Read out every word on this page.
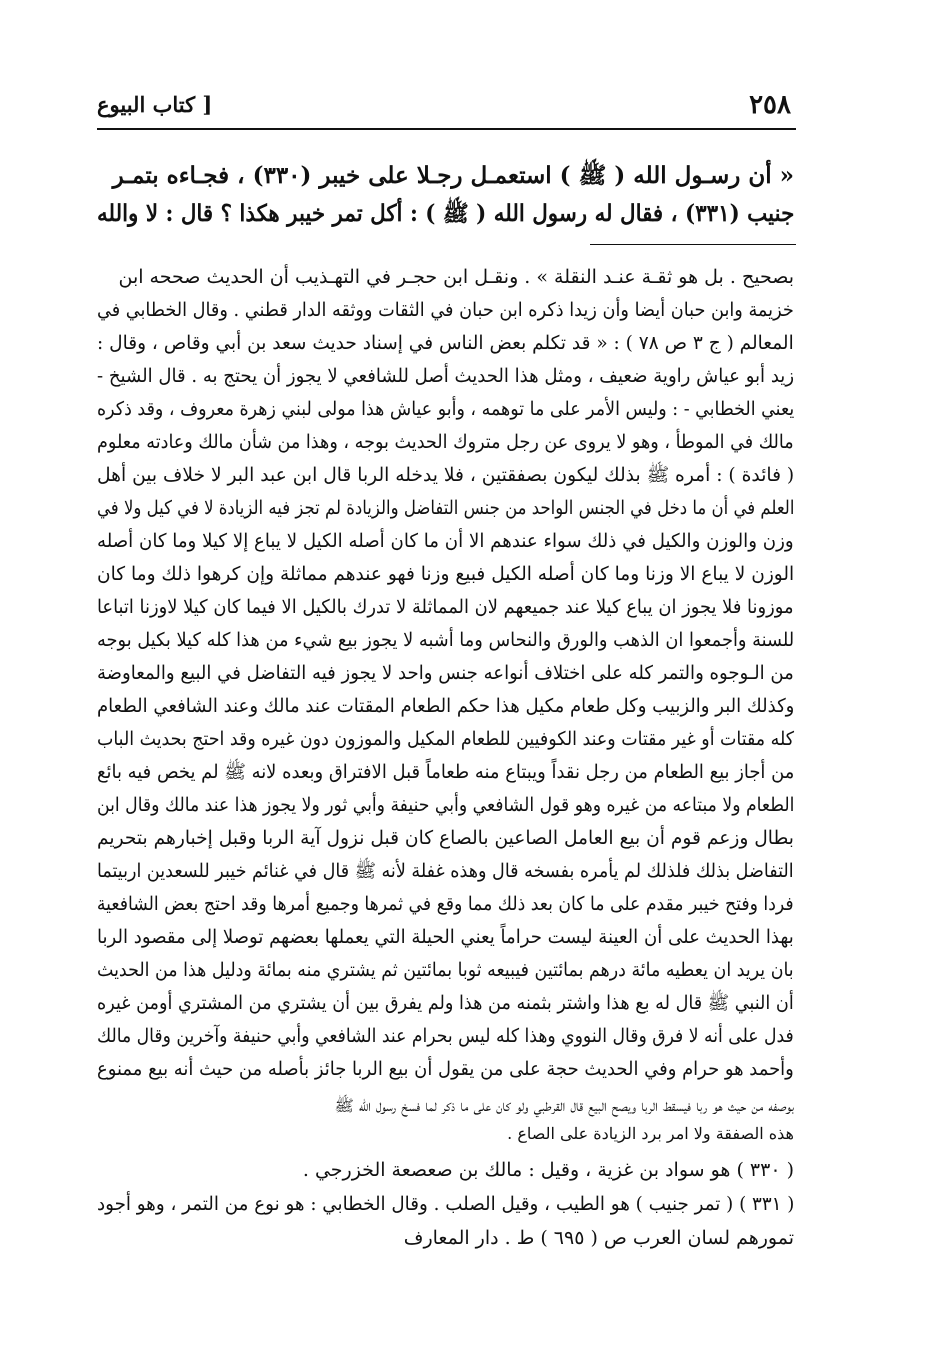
[ كتاب البيوع	٢٥٨
« أن رسـول الله ( ﷺ ) استعمـل رجـلا على خيبر (٣٣٠) ، فجـاءه بتمـر
جنيب (٣٣١) ، فقال له رسول الله ( ﷺ ) : أكل تمر خيبر هكذا ؟ قال : لا والله
بصحيح . بل هو ثقـة عنـد النقلة » . ونقـل ابن حجـر في التهـذيب أن الحديث صححه ابن
خزيمة وابن حبان أيضا وأن زيدا ذكره ابن حبان في الثقات ووثقه الدار قطني . وقال الخطابي في
المعالم ( ج ٣ ص ٧٨ ) : « قد تكلم بعض الناس في إسناد حديث سعد بن أبي وقاص ، وقال :
زيد أبو عياش راوية ضعيف ، ومثل هذا الحديث أصل للشافعي لا يجوز أن يحتج به . قال الشيخ -
يعني الخطابي - : وليس الأمر على ما توهمه ، وأبو عياش هذا مولى لبني زهرة معروف ، وقد ذكره
مالك في الموطأ ، وهو لا يروى عن رجل متروك الحديث بوجه ، وهذا من شأن مالك وعادته معلوم
( فائدة ) : أمره ﷺ بذلك ليكون بصفقتين ، فلا يدخله الربا قال ابن عبد البر لا خلاف بين أهل
العلم في أن ما دخل في الجنس الواحد من جنس التفاضل والزيادة لم تجز فيه الزيادة لا في كيل ولا في
وزن والوزن والكيل في ذلك سواء عندهم الا أن ما كان أصله الكيل لا يباع إلا كيلا وما كان أصله
الوزن لا يباع الا وزنا وما كان أصله الكيل فبيع وزنا فهو عندهم مماثلة وإن كرهوا ذلك وما كان
موزونا فلا يجوز ان يباع كيلا عند جميعهم لان المماثلة لا تدرك بالكيل الا فيما كان كيلا لاوزنا اتباعا
للسنة وأجمعوا ان الذهب والورق والنحاس وما أشبه لا يجوز بيع شيء من هذا كله كيلا بكيل بوجه
من الـوجوه والتمر كله على اختلاف أنواعه جنس واحد لا يجوز فيه التفاضل في البيع والمعاوضة
وكذلك البر والزبيب وكل طعام مكيل هذا حكم الطعام المقتات عند مالك وعند الشافعي الطعام
كله مقتات أو غير مقتات وعند الكوفيين للطعام المكيل والموزون دون غيره وقد احتج بحديث الباب
من أجاز بيع الطعام من رجل نقداً ويبتاع منه طعاماً قبل الافتراق وبعده لانه ﷺ لم يخص فيه بائع
الطعام ولا مبتاعه من غيره وهو قول الشافعي وأبي حنيفة وأبي ثور ولا يجوز هذا عند مالك وقال ابن
بطال وزعم قوم أن بيع العامل الصاعين بالصاع كان قبل نزول آية الربا وقبل إخبارهم بتحريم
التفاضل بذلك فلذلك لم يأمره بفسخه قال وهذه غفلة لأنه ﷺ قال في غنائم خيبر للسعدين اربيتما
فردا وفتح خيبر مقدم على ما كان بعد ذلك مما وقع في ثمرها وجميع أمرها وقد احتج بعض الشافعية
بهذا الحديث على أن العينة ليست حراماً يعني الحيلة التي يعملها بعضهم توصلا إلى مقصود الربا
بان يريد ان يعطيه مائة درهم بمائتين فيبيعه ثوبا بمائتين ثم يشتري منه بمائة ودليل هذا من الحديث
أن النبي ﷺ قال له بع هذا واشتر بثمنه من هذا ولم يفرق بين أن يشتري من المشتري أومن غيره
فدل على أنه لا فرق وقال النووي وهذا كله ليس بحرام عند الشافعي وأبي حنيفة وآخرين وقال مالك
وأحمد هو حرام وفي الحديث حجة على من يقول أن بيع الربا جائز بأصله من حيث أنه بيع ممنوع
بوصفه من حيث هو ربا فيسقط الربا ويصح البيع قال القرطبي ولو كان على ما ذكر لما فسخ رسول الله ﷺ
هذه الصفقة ولا امر برد الزيادة على الصاع .
( ٣٣٠ ) هو سواد بن غزية ، وقيل : مالك بن صعصعة الخزرجي .
( ٣٣١ ) ( تمر جنيب ) هو الطيب ، وقيل الصلب . وقال الخطابي : هو نوع من التمر ، وهو أجود
تمورهم لسان العرب ص ( ٦٩٥ ) ط . دار المعارف
